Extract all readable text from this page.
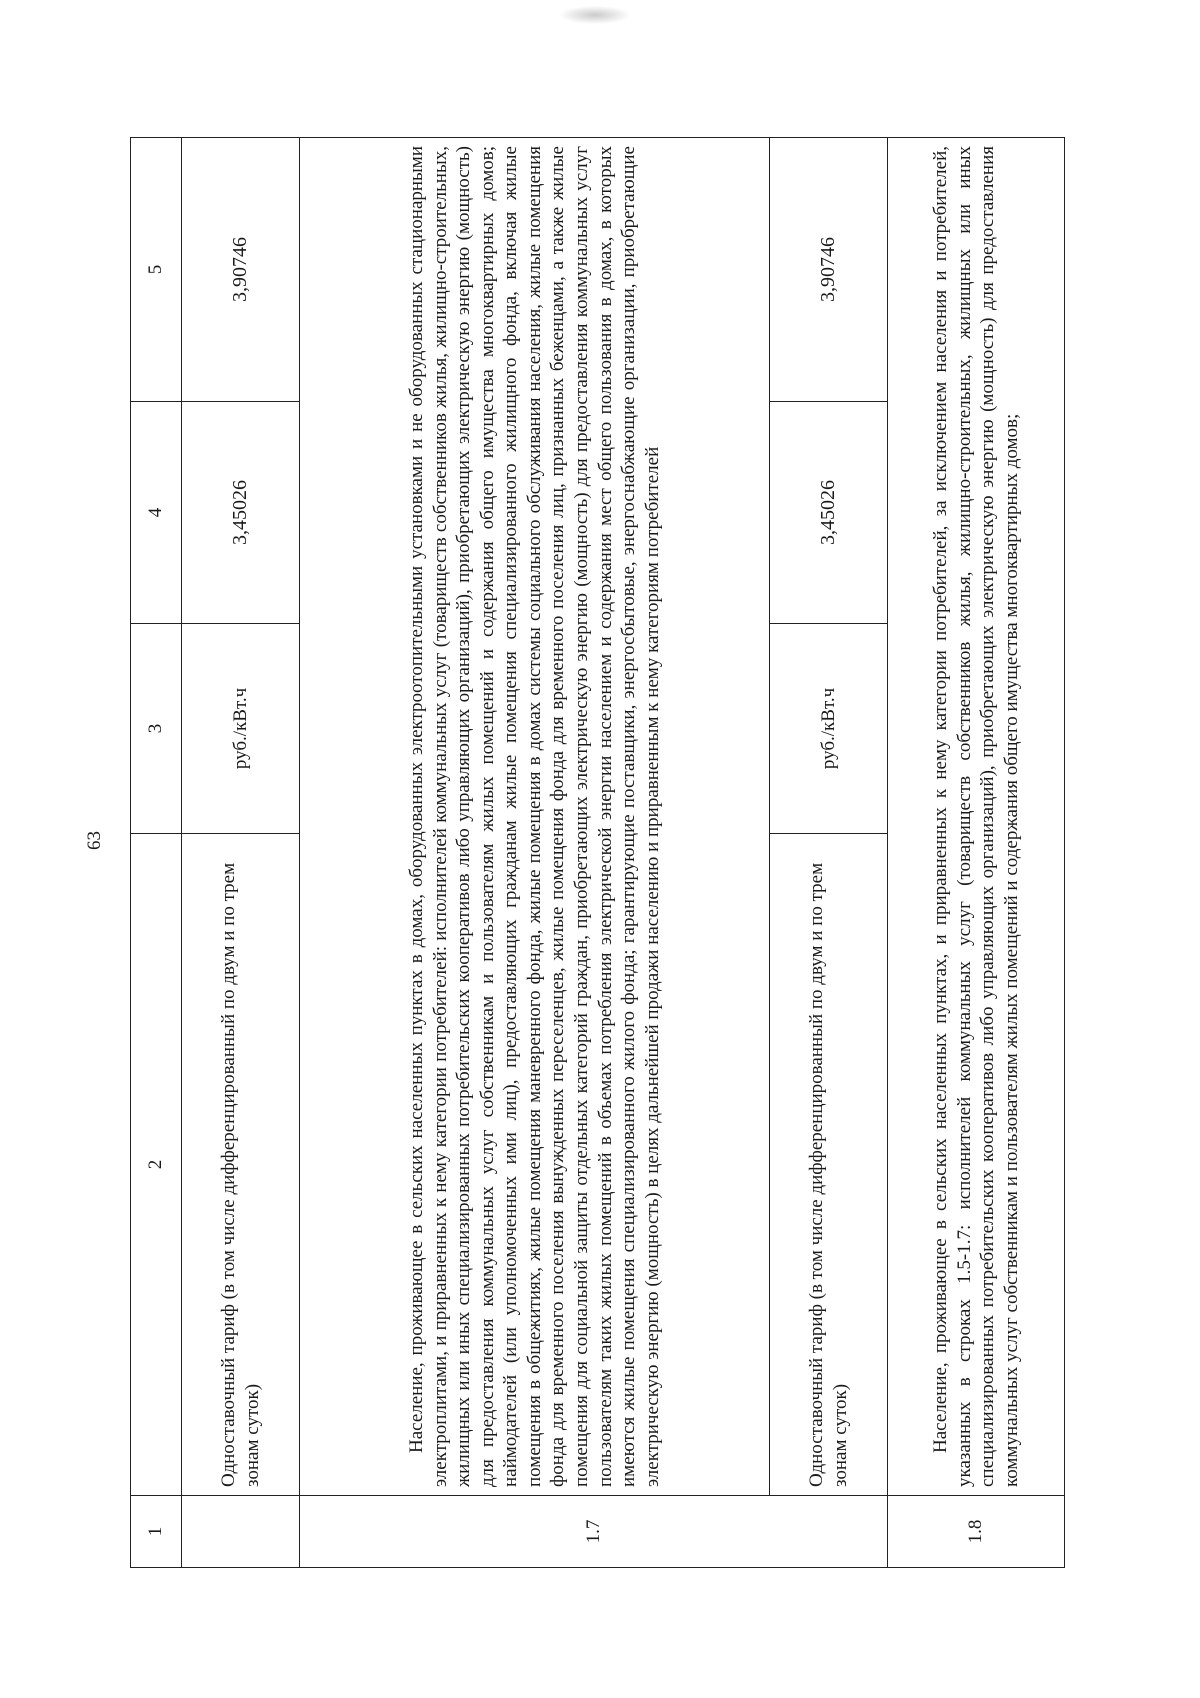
63
1	2	3	4	5
	Одноставочный тариф (в том числе дифференцированный по двум и по трем зонам суток)	руб./кВт.ч	3,45026	3,90746
1.7	Население, проживающее в сельских населенных пунктах в домах, оборудованных электроотопительными установками и не оборудованных стационарными электроплитами, и приравненных к нему категории потребителей: исполнителей коммунальных услуг (товариществ собственников жилья, жилищно-строительных, жилищных или иных специализированных потребительских кооперативов либо управляющих организаций), приобретающих электрическую энергию (мощность) для предоставления коммунальных услуг собственникам и пользователям жилых помещений и содержания общего имущества многоквартирных домов; наймодателей (или уполномоченных ими лиц), предоставляющих гражданам жилые помещения специализированного жилищного фонда, включая жилые помещения в общежитиях, жилые помещения маневренного фонда, жилые помещения в домах системы социального обслуживания населения, жилые помещения фонда для временного поселения вынужденных переселенцев, жилые помещения фонда для временного поселения лиц, признанных беженцами, а также жилые помещения для социальной защиты отдельных категорий граждан, приобретающих электрическую энергию (мощность) для предоставления коммунальных услуг пользователям таких жилых помещений в объемах потребления электрической энергии населением и содержания мест общего пользования в домах, в которых имеются жилые помещения специализированного жилого фонда; гарантирующие поставщики, энергосбытовые, энергоснабжающие организации, приобретающие электрическую энергию (мощность) в целях дальнейшей продажи населению и приравненным к нему категориям потребителей			
	Одноставочный тариф (в том числе дифференцированный по двум и по трем зонам суток)	руб./кВт.ч	3,45026	3,90746
1.8	Население, проживающее в сельских населенных пунктах, и приравненных к нему категории потребителей, за исключением населения и потребителей, указанных в строках 1.5-1.7: исполнителей коммунальных услуг (товариществ собственников жилья, жилищно-строительных, жилищных или иных специализированных потребительских кооперативов либо управляющих организаций), приобретающих электрическую энергию (мощность) для предоставления коммунальных услуг собственникам и пользователям жилых помещений и содержания общего имущества многоквартирных домов;			
